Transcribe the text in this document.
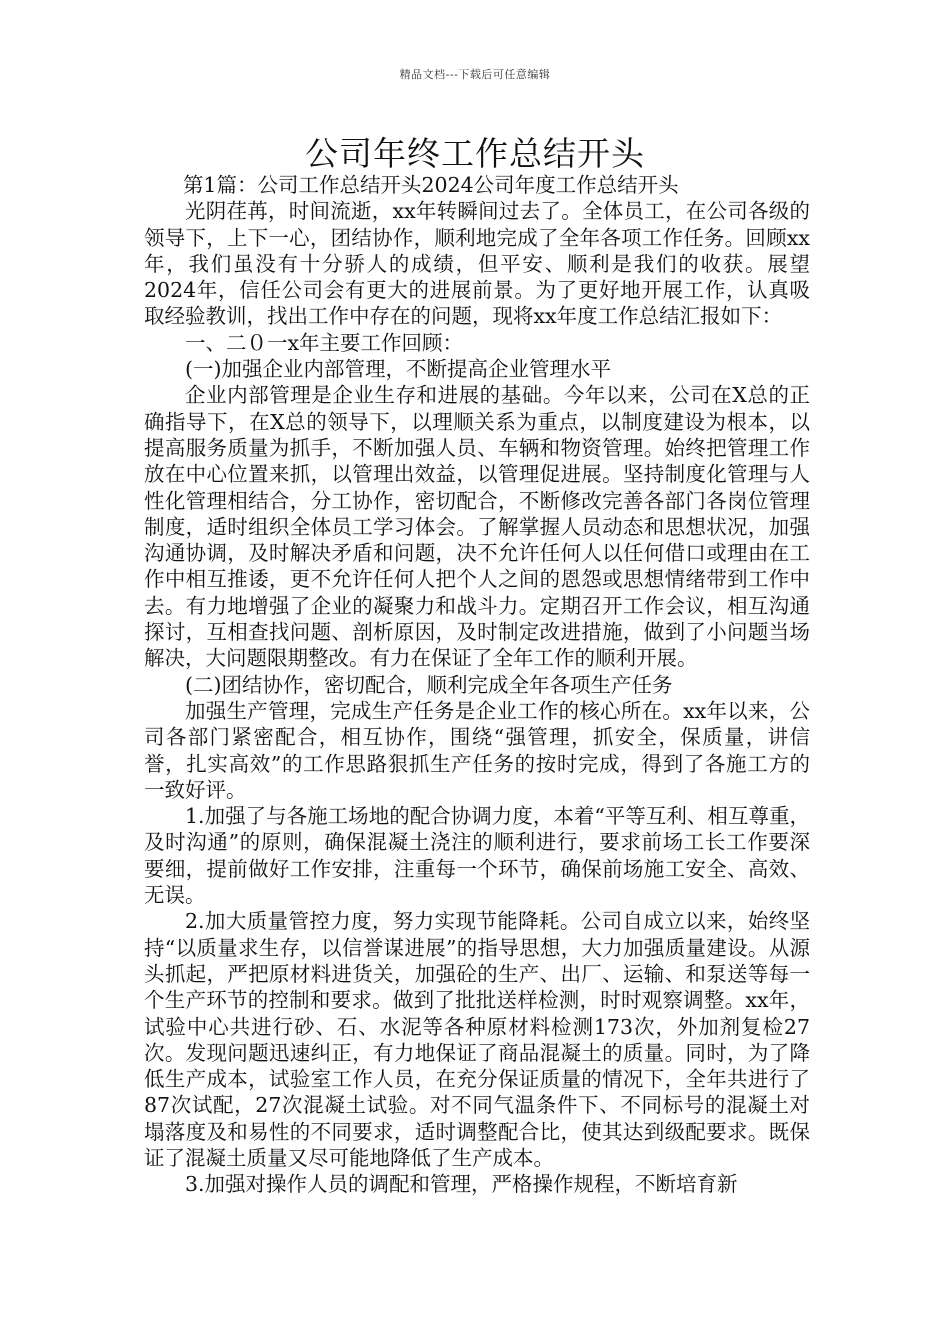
精品文档---下载后可任意编辑
公司年终工作总结开头

第1篇：公司工作总结开头2024公司年度工作总结开头

光阴荏苒，时间流逝，xx年转瞬间过去了。全体员工，在公司各级的领导下，上下一心，团结协作，顺利地完成了全年各项工作任务。回顾xx年，我们虽没有十分骄人的成绩，但平安、顺利是我们的收获。展望2024年，信任公司会有更大的进展前景。为了更好地开展工作，认真吸取经验教训，找出工作中存在的问题，现将xx年度工作总结汇报如下：

一、二０一x年主要工作回顾：

(一)加强企业内部管理，不断提高企业管理水平

企业内部管理是企业生存和进展的基础。今年以来，公司在X总的正确指导下，在X总的领导下，以理顺关系为重点，以制度建设为根本，以提高服务质量为抓手，不断加强人员、车辆和物资管理。始终把管理工作放在中心位置来抓，以管理出效益，以管理促进展。坚持制度化管理与人性化管理相结合，分工协作，密切配合，不断修改完善各部门各岗位管理制度，适时组织全体员工学习体会。了解掌握人员动态和思想状况，加强沟通协调，及时解决矛盾和问题，决不允许任何人以任何借口或理由在工作中相互推诿，更不允许任何人把个人之间的恩怨或思想情绪带到工作中去。有力地增强了企业的凝聚力和战斗力。定期召开工作会议，相互沟通探讨，互相查找问题、剖析原因，及时制定改进措施，做到了小问题当场解决，大问题限期整改。有力在保证了全年工作的顺利开展。

(二)团结协作，密切配合，顺利完成全年各项生产任务

加强生产管理，完成生产任务是企业工作的核心所在。xx年以来，公司各部门紧密配合，相互协作，围绕“强管理，抓安全，保质量，讲信誉，扎实高效”的工作思路狠抓生产任务的按时完成，得到了各施工方的一致好评。

1.加强了与各施工场地的配合协调力度，本着“平等互利、相互尊重，及时沟通”的原则，确保混凝土浇注的顺利进行，要求前场工长工作要深要细，提前做好工作安排，注重每一个环节，确保前场施工安全、高效、无误。

2.加大质量管控力度，努力实现节能降耗。公司自成立以来，始终坚持“以质量求生存，以信誉谋进展”的指导思想，大力加强质量建设。从源头抓起，严把原材料进货关，加强砼的生产、出厂、运输、和泵送等每一个生产环节的控制和要求。做到了批批送样检测，时时观察调整。xx年，试验中心共进行砂、石、水泥等各种原材料检测173次，外加剂复检27次。发现问题迅速纠正，有力地保证了商品混凝土的质量。同时，为了降低生产成本，试验室工作人员，在充分保证质量的情况下，全年共进行了87次试配，27次混凝土试验。对不同气温条件下、不同标号的混凝土对塌落度及和易性的不同要求，适时调整配合比，使其达到级配要求。既保证了混凝土质量又尽可能地降低了生产成本。

3.加强对操作人员的调配和管理，严格操作规程，不断培育新
